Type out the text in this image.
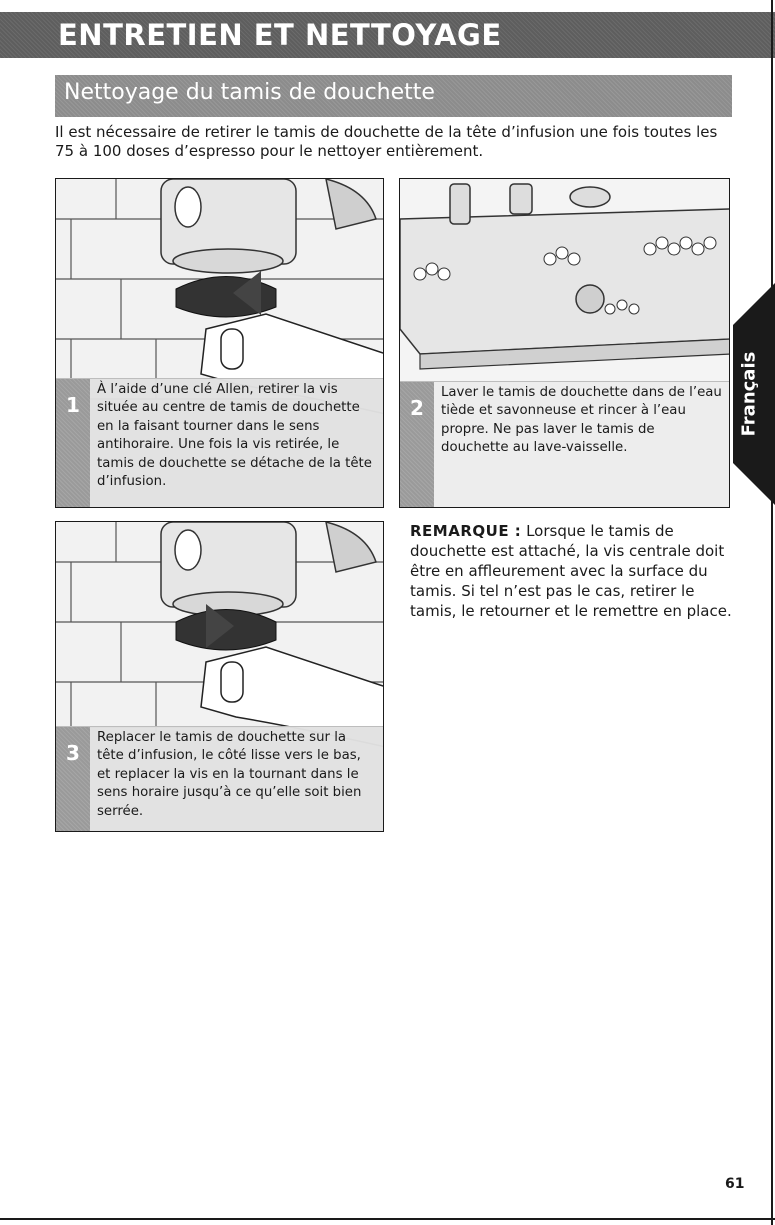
ENTRETIEN ET NETTOYAGE
Nettoyage du tamis de douchette

Il est nécessaire de retirer le tamis de douchette de la tête d’infusion une fois toutes les 75 à 100 doses d’espresso pour le nettoyer entièrement.

1

À l’aide d’une clé Allen, retirer la vis située au centre de tamis de douchette en la faisant tourner dans le sens antihoraire. Une fois la vis retirée, le tamis de douchette se détache de la tête d’infusion.

2

Laver le tamis de douchette dans de l’eau tiède et savonneuse et rincer à l’eau propre. Ne pas laver le tamis de douchette au lave-vaisselle.

3

Replacer le tamis de douchette sur la tête d’infusion, le côté lisse vers le bas, et replacer la vis en la tournant dans le sens horaire jusqu’à ce qu’elle soit bien serrée.

REMARQUE : Lorsque le tamis de douchette est attaché, la vis centrale doit être en affleurement avec la surface du tamis. Si tel n’est pas le cas, retirer le tamis, le retourner et le remettre en place.

Français

61
